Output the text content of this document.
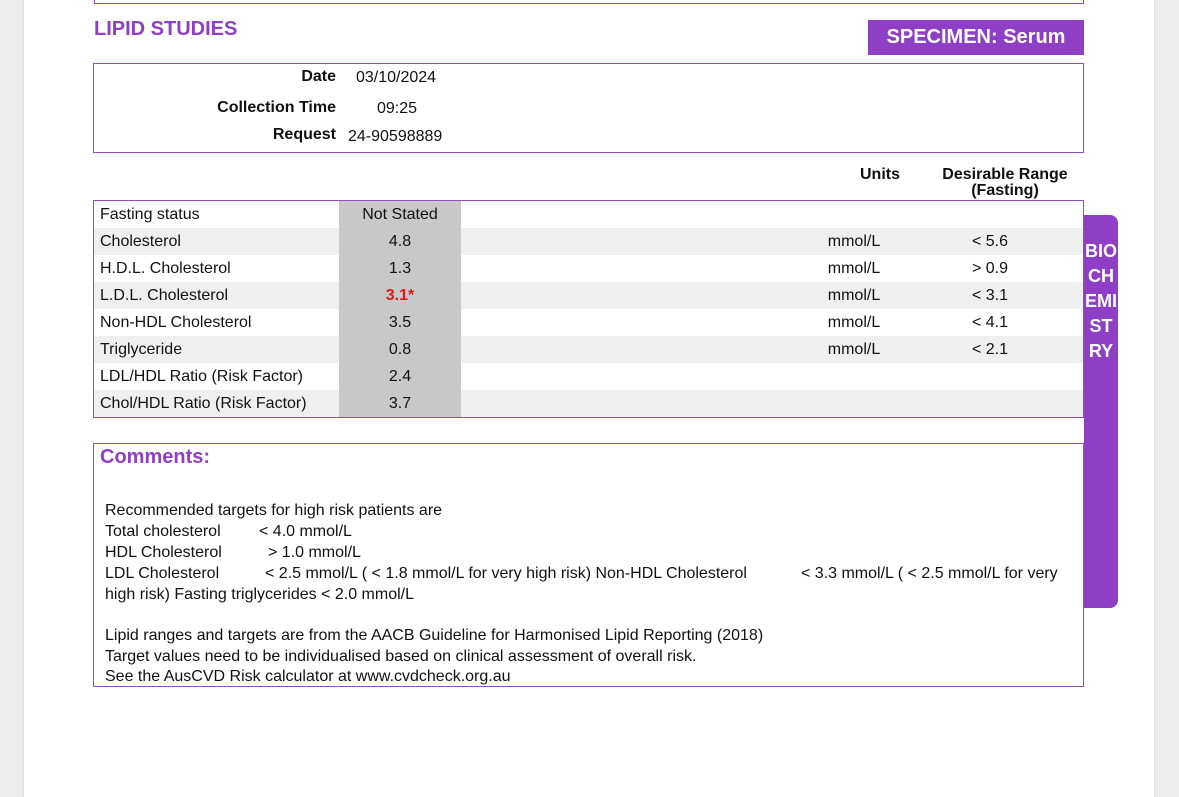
LIPID STUDIES	SPECIMEN: Serum
Date 03/10/2024
Collection Time	09:25
Request 24-90598889
Units	Desirable Range
(Fasting)
Fasting status	Not Stated
Cholesterol	4.8	mmol/L	< 5.6
H.D.L. Cholesterol	1.3	mmol/L	> 0.9
L.D.L. Cholesterol	3.1*	mmol/L	< 3.1
Non-HDL Cholesterol	3.5	mmol/L	< 4.1
Triglyceride	0.8	mmol/L	< 2.1
LDL/HDL Ratio (Risk Factor)	2.4
Chol/HDL Ratio (Risk Factor)	3.7
BIOCHEMISTRY
Comments:
Recommended targets for high risk patients are
Total cholesterol < 4.0 mmol/L
HDL Cholesterol	> 1.0 mmol/L
LDL Cholesterol	< 2.5 mmol/L ( < 1.8 mmol/L for very high risk) Non-HDL Cholesterol	< 3.3 mmol/L ( < 2.5 mmol/L for very
high risk) Fasting triglycerides < 2.0 mmol/L
Lipid ranges and targets are from the AACB Guideline for Harmonised Lipid Reporting (2018)
Target values need to be individualised based on clinical assessment of overall risk.
See the AusCVD Risk calculator at www.cvdcheck.org.au
